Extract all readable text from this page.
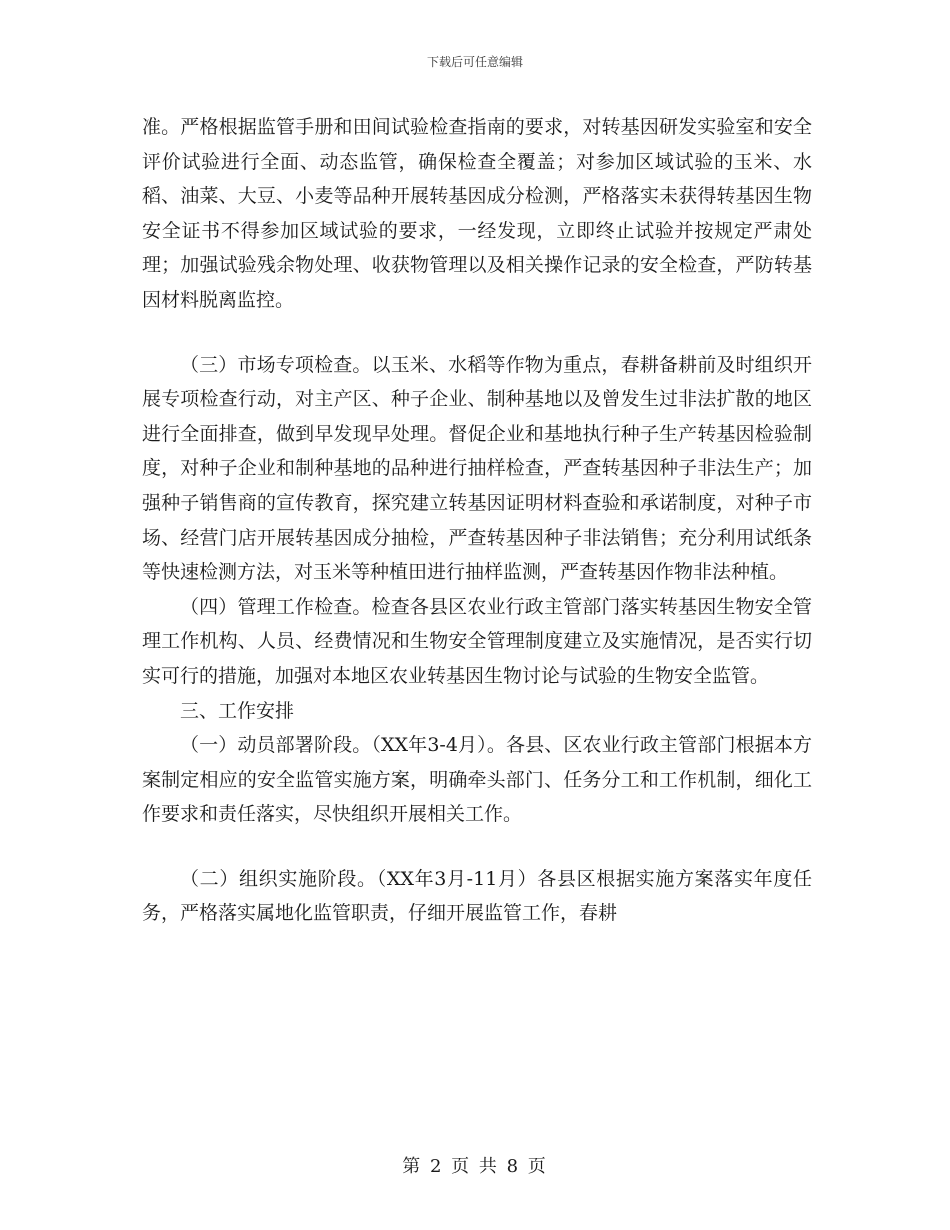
下载后可任意编辑

准。严格根据监管手册和田间试验检查指南的要求，对转基因研发实验室和安全评价试验进行全面、动态监管，确保检查全覆盖；对参加区域试验的玉米、水稻、油菜、大豆、小麦等品种开展转基因成分检测，严格落实未获得转基因生物安全证书不得参加区域试验的要求，一经发现，立即终止试验并按规定严肃处理；加强试验残余物处理、收获物管理以及相关操作记录的安全检查，严防转基因材料脱离监控。

（三）市场专项检查。以玉米、水稻等作物为重点，春耕备耕前及时组织开展专项检查行动，对主产区、种子企业、制种基地以及曾发生过非法扩散的地区进行全面排查，做到早发现早处理。督促企业和基地执行种子生产转基因检验制度，对种子企业和制种基地的品种进行抽样检查，严查转基因种子非法生产；加强种子销售商的宣传教育，探究建立转基因证明材料查验和承诺制度，对种子市场、经营门店开展转基因成分抽检，严查转基因种子非法销售；充分利用试纸条等快速检测方法，对玉米等种植田进行抽样监测，严查转基因作物非法种植。

（四）管理工作检查。检查各县区农业行政主管部门落实转基因生物安全管理工作机构、人员、经费情况和生物安全管理制度建立及实施情况，是否实行切实可行的措施，加强对本地区农业转基因生物讨论与试验的生物安全监管。

三、工作安排

（一）动员部署阶段。（XX年3-4月）。各县、区农业行政主管部门根据本方案制定相应的安全监管实施方案，明确牵头部门、任务分工和工作机制，细化工作要求和责任落实，尽快组织开展相关工作。

（二）组织实施阶段。（XX年3月-11月）各县区根据实施方案落实年度任务，严格落实属地化监管职责，仔细开展监管工作，春耕

第 2 页 共 8 页
